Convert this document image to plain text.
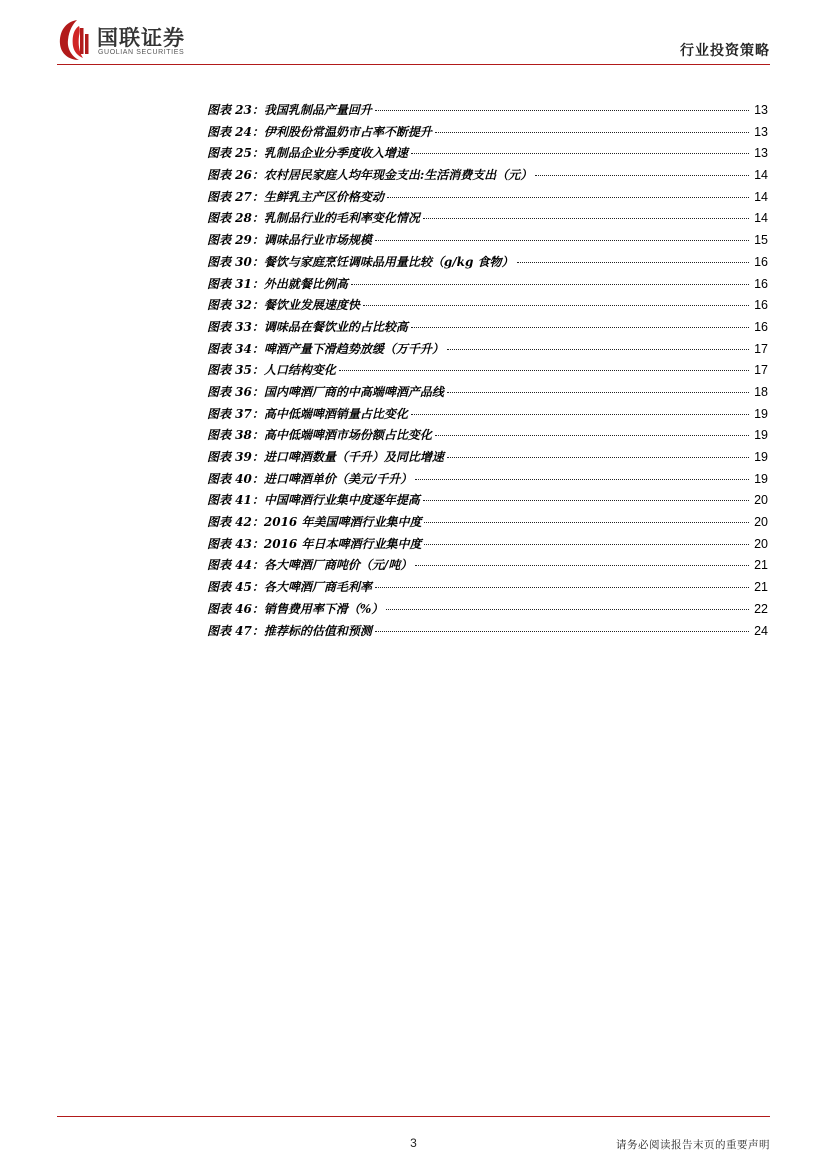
国联证券
GUOLIAN SECURITIES	行业投资策略
图表 23：我国乳制品产量回升	13
图表 24：伊利股份常温奶市占率不断提升	13
图表 25：乳制品企业分季度收入增速	13
图表 26：农村居民家庭人均年现金支出:生活消费支出（元）	14
图表 27：生鲜乳主产区价格变动	14
图表 28：乳制品行业的毛利率变化情况	14
图表 29：调味品行业市场规模	15
图表 30：餐饮与家庭烹饪调味品用量比较（g/kg 食物）	16
图表 31：外出就餐比例高	16
图表 32：餐饮业发展速度快	16
图表 33：调味品在餐饮业的占比较高	16
图表 34：啤酒产量下滑趋势放缓（万千升）	17
图表 35：人口结构变化	17
图表 36：国内啤酒厂商的中高端啤酒产品线	18
图表 37：高中低端啤酒销量占比变化	19
图表 38：高中低端啤酒市场份额占比变化	19
图表 39：进口啤酒数量（千升）及同比增速	19
图表 40：进口啤酒单价（美元/千升）	19
图表 41：中国啤酒行业集中度逐年提高	20
图表 42：2016 年美国啤酒行业集中度	20
图表 43：2016 年日本啤酒行业集中度	20
图表 44：各大啤酒厂商吨价（元/吨）	21
图表 45：各大啤酒厂商毛利率	21
图表 46：销售费用率下滑（%）	22
图表 47：推荐标的估值和预测	24
3	请务必阅读报告末页的重要声明
